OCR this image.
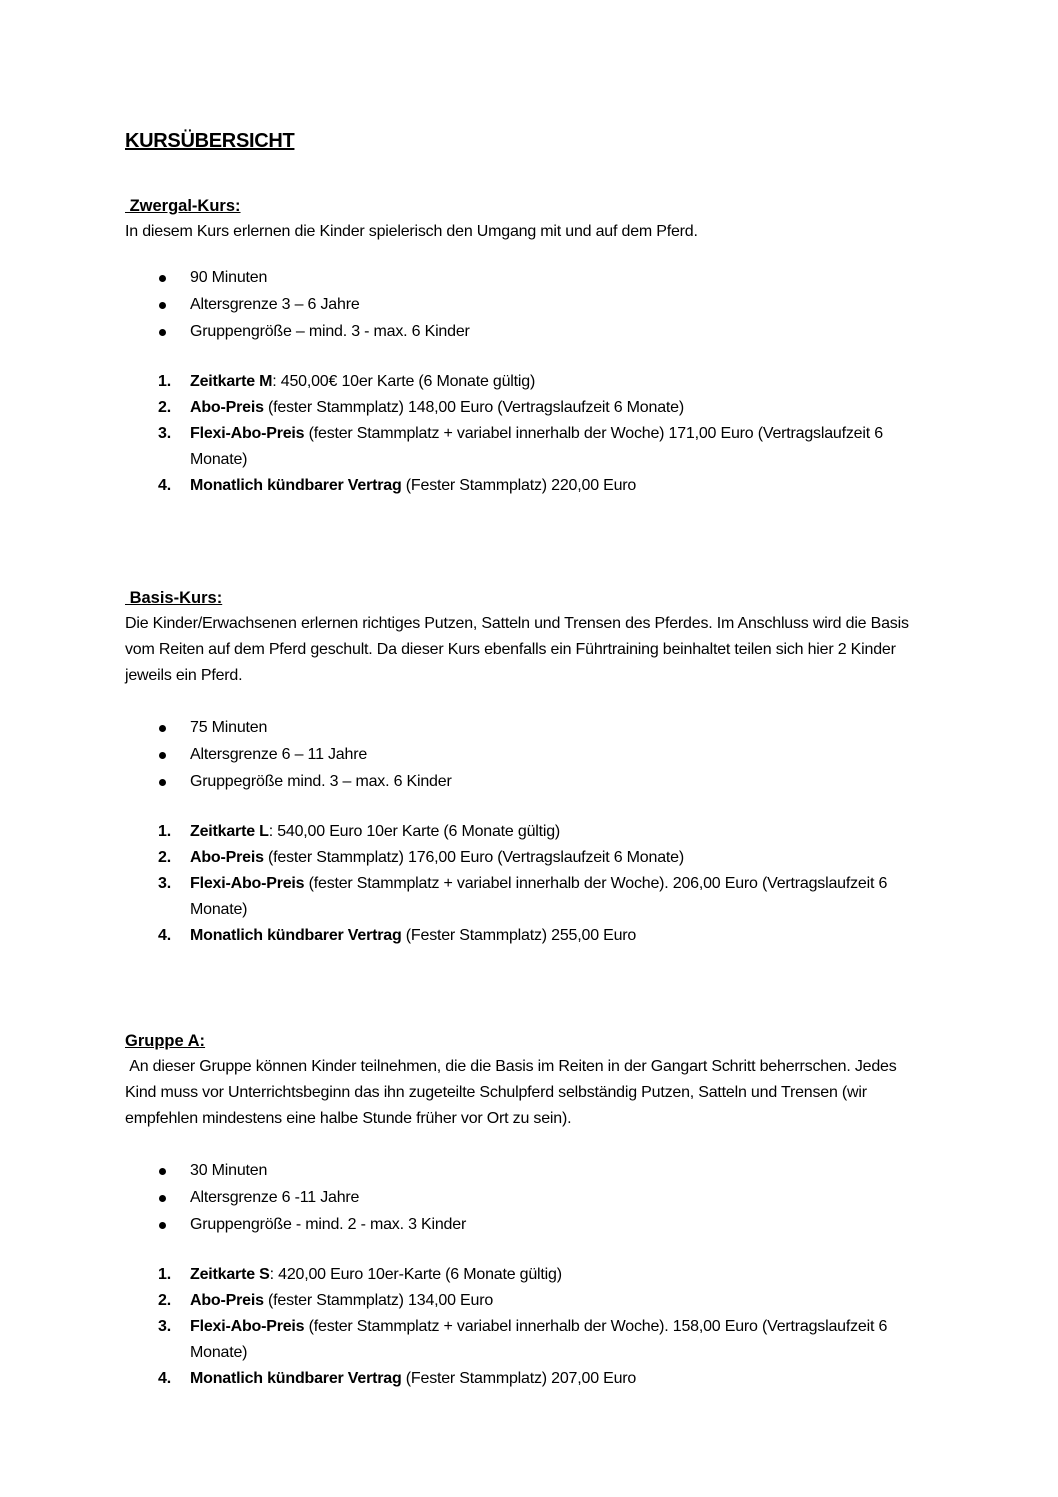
KURSÜBERSICHT
Zwergal-Kurs:

In diesem Kurs erlernen die Kinder spielerisch den Umgang mit und auf dem Pferd.

90 Minuten
Altersgrenze 3 – 6 Jahre
Gruppengröße – mind. 3 - max. 6 Kinder
1. Zeitkarte M: 450,00€ 10er Karte (6 Monate gültig)
2. Abo-Preis (fester Stammplatz) 148,00 Euro (Vertragslaufzeit 6 Monate)
3. Flexi-Abo-Preis (fester Stammplatz + variabel innerhalb der Woche) 171,00 Euro (Vertragslaufzeit 6 Monate)
4. Monatlich kündbarer Vertrag (Fester Stammplatz) 220,00 Euro
Basis-Kurs:

Die Kinder/Erwachsenen erlernen richtiges Putzen, Satteln und Trensen des Pferdes. Im Anschluss wird die Basis vom Reiten auf dem Pferd geschult. Da dieser Kurs ebenfalls ein Führtraining beinhaltet teilen sich hier 2 Kinder jeweils ein Pferd.

75 Minuten
Altersgrenze 6 – 11 Jahre
Gruppegröße mind. 3 – max. 6 Kinder
1. Zeitkarte L: 540,00 Euro 10er Karte (6 Monate gültig)
2. Abo-Preis (fester Stammplatz) 176,00 Euro (Vertragslaufzeit 6 Monate)
3. Flexi-Abo-Preis (fester Stammplatz + variabel innerhalb der Woche). 206,00 Euro (Vertragslaufzeit 6 Monate)
4. Monatlich kündbarer Vertrag (Fester Stammplatz) 255,00 Euro
Gruppe A:

An dieser Gruppe können Kinder teilnehmen, die die Basis im Reiten in der Gangart Schritt beherrschen. Jedes Kind muss vor Unterrichtsbeginn das ihn zugeteilte Schulpferd selbständig Putzen, Satteln und Trensen (wir empfehlen mindestens eine halbe Stunde früher vor Ort zu sein).

30 Minuten
Altersgrenze 6 -11 Jahre
Gruppengröße - mind. 2 - max. 3 Kinder
1. Zeitkarte S: 420,00 Euro 10er-Karte (6 Monate gültig)
2. Abo-Preis (fester Stammplatz) 134,00 Euro
3. Flexi-Abo-Preis (fester Stammplatz + variabel innerhalb der Woche). 158,00 Euro (Vertragslaufzeit 6 Monate)
4. Monatlich kündbarer Vertrag (Fester Stammplatz) 207,00 Euro
